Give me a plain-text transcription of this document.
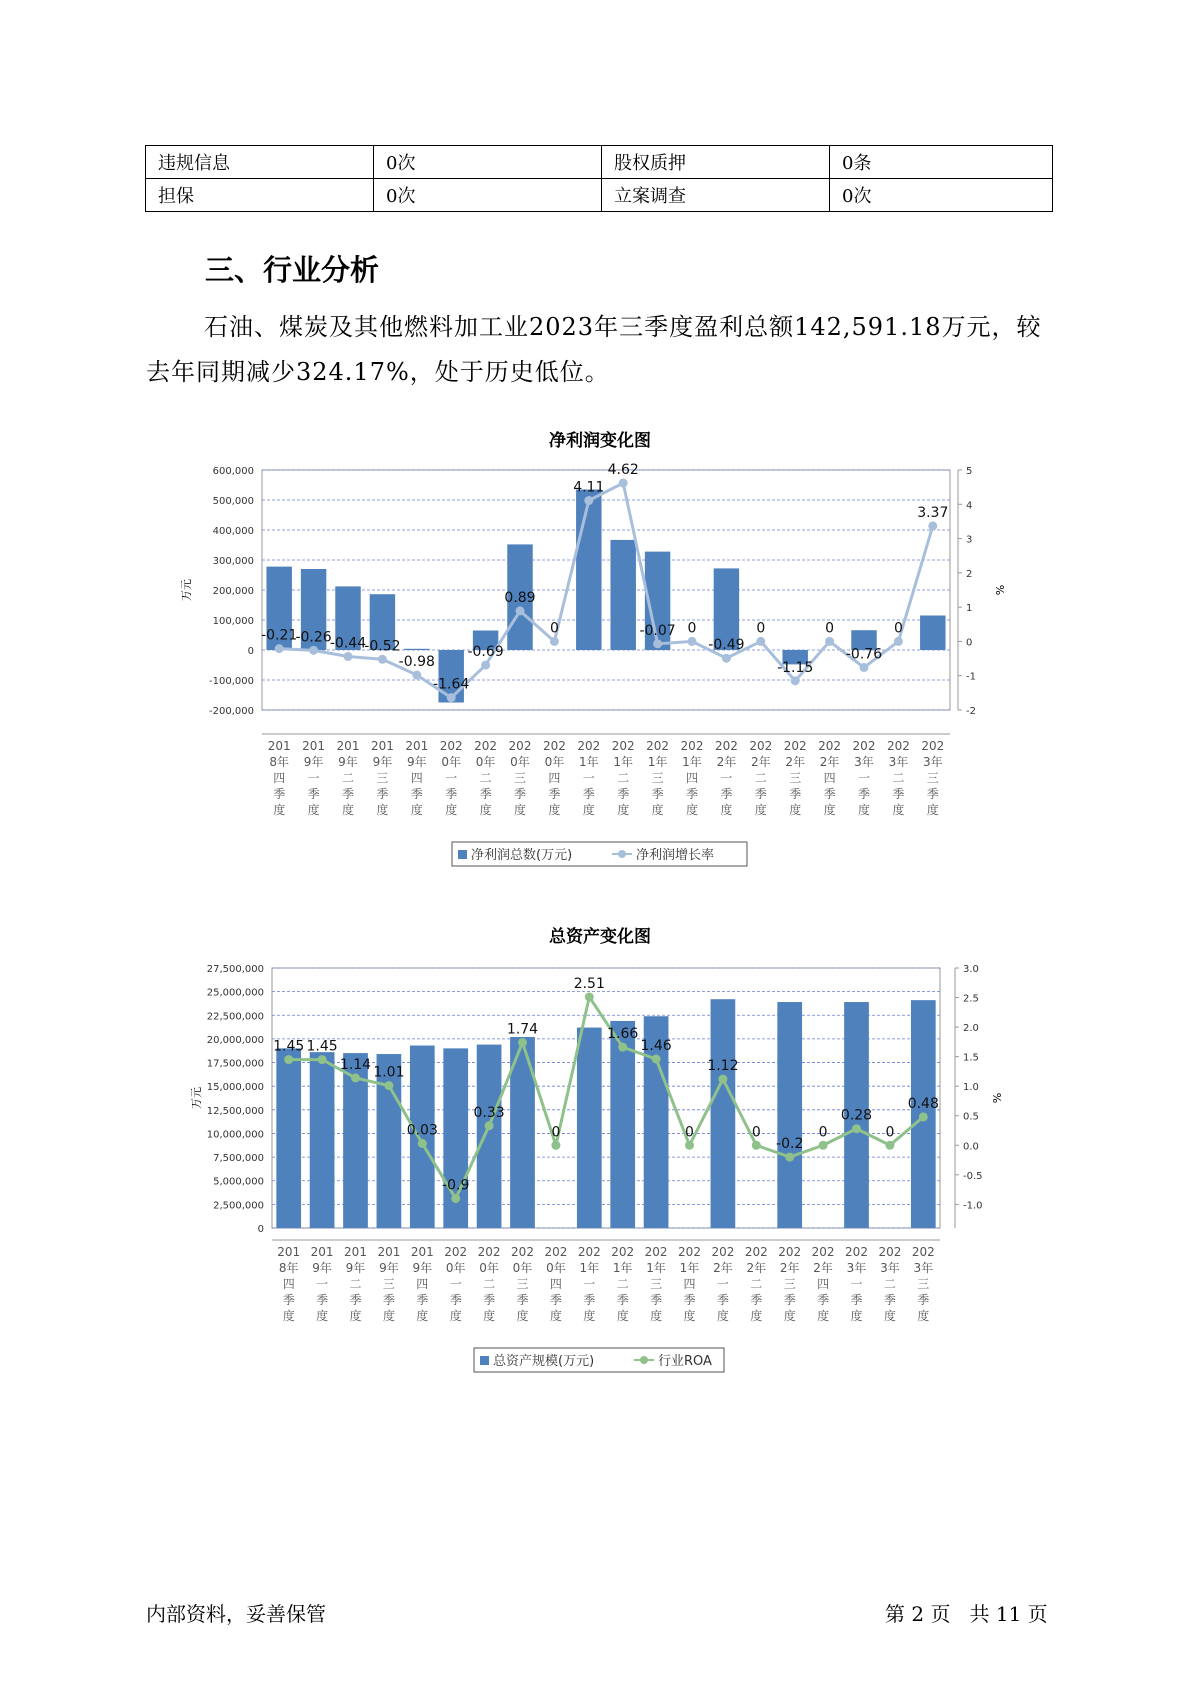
违规信息	0次	股权质押	0条
担保	0次	立案调查	0次
三、行业分析

石油、煤炭及其他燃料加工业2023年三季度盈利总额142,591.18万元，较去年同期减少324.17%，处于历史低位。

净利润变化图
600,000
500,000
400,000
300,000
200,000
100,000
0
-100,000
-200,000
5
4
3
2
1
0
-1
-2
万元	%
201 8年四季度
201 9年一季度
201 9年二季度
201 9年三季度
201 9年四季度
202 0年一季度
202 0年二季度
202 0年三季度
202 0年四季度
202 1年一季度
202 1年二季度
202 1年三季度
202 1年四季度
202 2年一季度
202 2年二季度
202 2年三季度
202 2年四季度
202 3年一季度
202 3年二季度
202 3年三季度
-0.21
-0.26
-0.44
-0.52
-0.98
-1.64
-0.69
0.89
0
4.11
4.62
-0.07 0
-0.49
0
-1.15
0
-0.76
0
3.37
净利润总数(万元)	净利润增长率
总资产变化图
27,500,000
25,000,000
22,500,000
20,000,000
17,500,000
15,000,000
12,500,000
10,000,000
7,500,000
5,000,000
2,500,000
0
3.0
2.5
2.0
1.5
1.0
0.5
0.0
-0.5
-1.0
万元	%
201 8年四季度
201 9年一季度
201 9年二季度
201 9年三季度
201 9年四季度
202 0年一季度
202 0年二季度
202 0年三季度
202 0年四季度
202 1年一季度
202 1年二季度
202 1年三季度
202 1年四季度
202 2年一季度
202 2年二季度
202 2年三季度
202 2年四季度
202 3年一季度
202 3年二季度
202 3年三季度
1.45 1.45
1.14 1.01
0.03
-0.9
0.33
1.74
0
2.51
1.66
1.46
0
1.12
0
-0.2
0
0.28
0
0.48
总资产规模(万元)	行业ROA
内部资料，妥善保管	第 2 页   共 11 页
